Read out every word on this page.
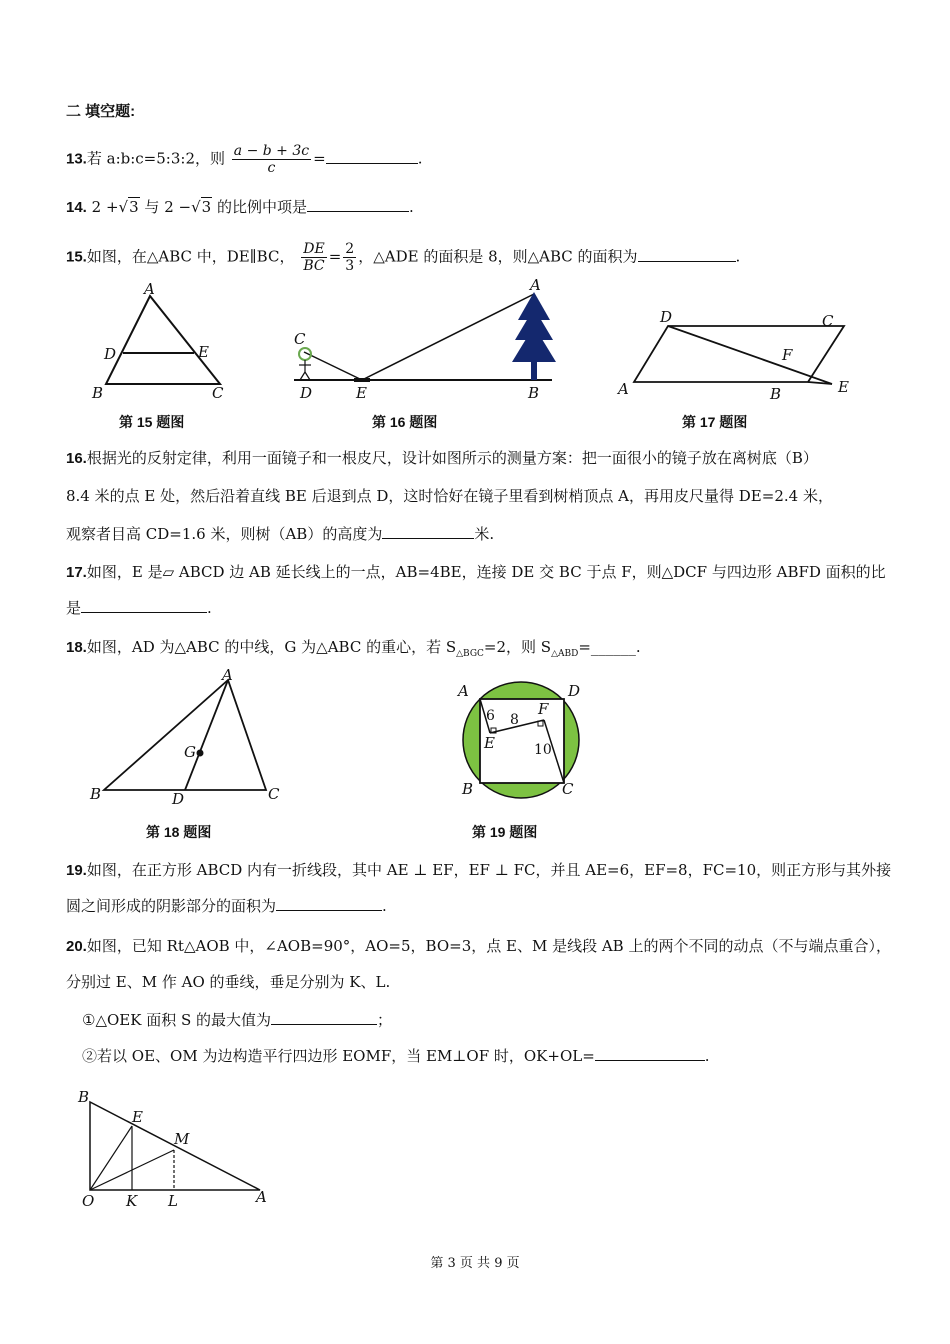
二 填空题:
13.若 a:b:c=5:3:2，则 $\frac{a - b + 3c}{c}$ =	.
14. 2 +√3 与 2 −√3 的比例中项是	.
15.如图，在△ABC 中，DE∥BC， $\frac{DE}{BC} = \frac{2}{3}$ ，△ADE 的面积是 8，则△ABC 的面积为	.
A
B	C
D	E
第 15 题图
A
B
C
D	E
第 16 题图
A	B
C
D
E
F
第 17 题图
16.根据光的反射定律，利用一面镜子和一根皮尺，设计如图所示的测量方案：把一面很小的镜子放在离树底（B）
8.4 米的点 E 处，然后沿着直线 BE 后退到点 D，这时恰好在镜子里看到树梢顶点 A，再用皮尺量得 DE=2.4 米，
观察者目高 CD=1.6 米，则树（AB）的高度为	米.
17.如图，E 是▱ ABCD 边 AB 延长线上的一点，AB=4BE，连接 DE 交 BC 于点 F，则△DCF 与四边形 ABFD 面积的比
是	.
18.如图，AD 为△ABC 的中线，G 为△ABC 的重心，若 $S_{\triangle BGC}=2$，则 $S_{\triangle ABD}=\_\_\_\_\_\_$.
A
B	C
D
G
第 18 题图
A
B	C
D
E
F
6 8
10
第 19 题图
19.如图，在正方形 ABCD 内有一折线段，其中 AE ⊥ EF，EF ⊥ FC，并且 AE=6，EF=8，FC=10，则正方形与其外接
圆之间形成的阴影部分的面积为	.
20.如图，已知 Rt△AOB 中，∠AOB=90°，AO=5，BO=3，点 E、M 是线段 AB 上的两个不同的动点（不与端点重合），
分别过 E、M 作 AO 的垂线，垂足分别为 K、L.
①△OEK 面积 S 的最大值为	；
②若以 OE、OM 为边构造平行四边形 EOMF，当 EM⊥OF 时，OK+OL=	.
B
E
M
O K L	A
第 3 页 共 9 页
